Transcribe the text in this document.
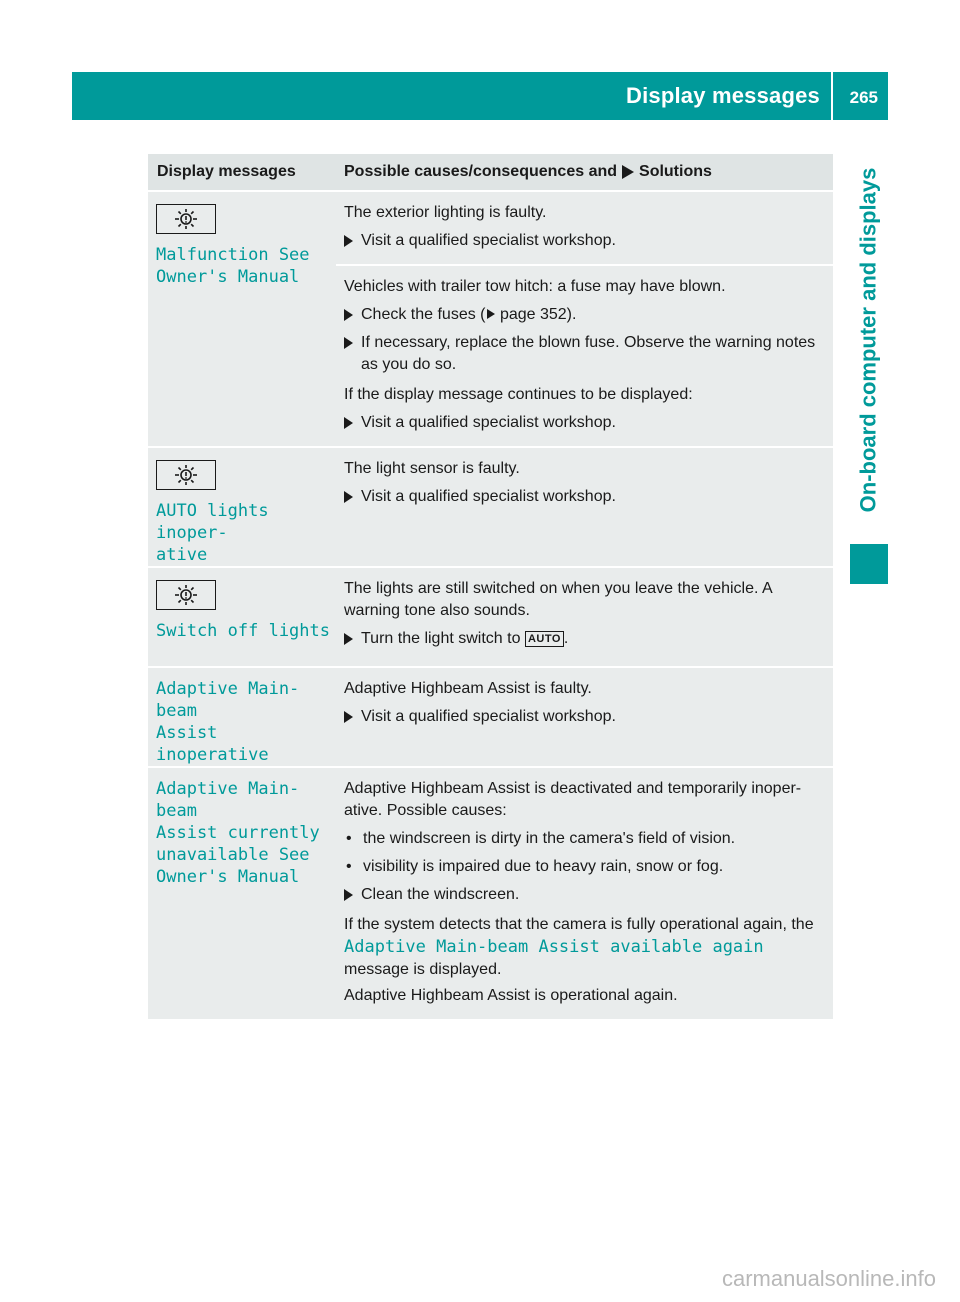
Display messages 265
On-board computer and displays
Display messages	Possible causes/consequences and Solutions
Malfunction See
Owner's Manual

The exterior lighting is faulty.

Visit a qualified specialist workshop.

Vehicles with trailer tow hitch: a fuse may have blown.

Check the fuses ( page 352).
If necessary, replace the blown fuse. Observe the warning notes as you do so.

If the display message continues to be displayed:

Visit a qualified specialist workshop.
AUTO lights inoper‐
ative

The light sensor is faulty.

Visit a qualified specialist workshop.
Switch off lights

The lights are still switched on when you leave the vehicle. A warning tone also sounds.

Turn the light switch to AUTO .
Adaptive Main-beam
Assist inoperative

Adaptive Highbeam Assist is faulty.

Visit a qualified specialist workshop.
Adaptive Main-beam
Assist currently
unavailable See
Owner's Manual

Adaptive Highbeam Assist is deactivated and temporarily inoper‐ ative. Possible causes:

• the windscreen is dirty in the camera's field of vision.
• visibility is impaired due to heavy rain, snow or fog.
Clean the windscreen.

If the system detects that the camera is fully operational again, the Adaptive Main-beam Assist available again message is displayed.

Adaptive Highbeam Assist is operational again.

carmanualsonline.info
